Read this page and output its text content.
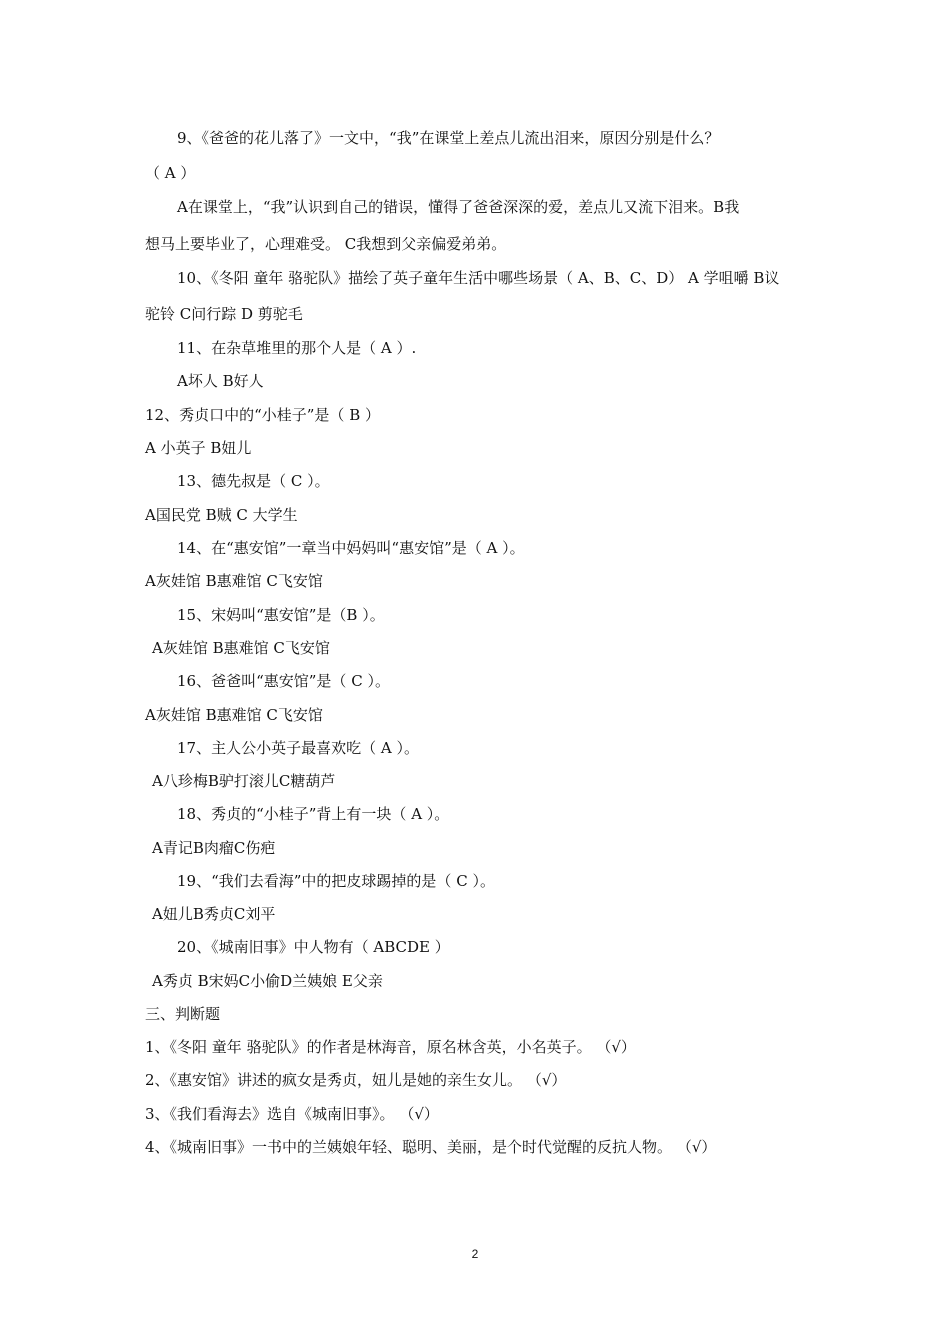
9、《爸爸的花儿落了》一文中，“我”在课堂上差点儿流出泪来，原因分别是什么？
（ A ）
A在课堂上，“我”认识到自己的错误，懂得了爸爸深深的爱，差点儿又流下泪来。B我
想马上要毕业了，心理难受。 C我想到父亲偏爱弟弟。
10、《冬阳 童年 骆驼队》描绘了英子童年生活中哪些场景（ A、B、C、D） A 学咀嚼 B议
驼铃 C问行踪 D 剪驼毛
11、在杂草堆里的那个人是（ A ）.
A坏人 B好人
12、秀贞口中的“小桂子”是（ B ）
A 小英子 B妞儿
13、德先叔是（ C ）。
A国民党 B贼 C 大学生
14、在“惠安馆”一章当中妈妈叫“惠安馆”是（ A ）。
A灰娃馆 B惠难馆 C飞安馆
15、宋妈叫“惠安馆”是（B ）。
A灰娃馆 B惠难馆 C飞安馆
16、爸爸叫“惠安馆”是（ C ）。
A灰娃馆 B惠难馆 C飞安馆
17、主人公小英子最喜欢吃（ A ）。
A八珍梅B驴打滚儿C糖葫芦
18、秀贞的“小桂子”背上有一块（ A ）。
A青记B肉瘤C伤疤
19、“我们去看海”中的把皮球踢掉的是（ C ）。
A妞儿B秀贞C刘平
20、《城南旧事》中人物有（ ABCDE ）
A秀贞 B宋妈C小偷D兰姨娘 E父亲
三、判断题
1、《冬阳 童年 骆驼队》的作者是林海音，原名林含英，小名英子。 （√）
2、《惠安馆》讲述的疯女是秀贞，妞儿是她的亲生女儿。 （√）
3、《我们看海去》选自《城南旧事》。 （√）
4、《城南旧事》一书中的兰姨娘年轻、聪明、美丽，是个时代觉醒的反抗人物。 （√）
2
